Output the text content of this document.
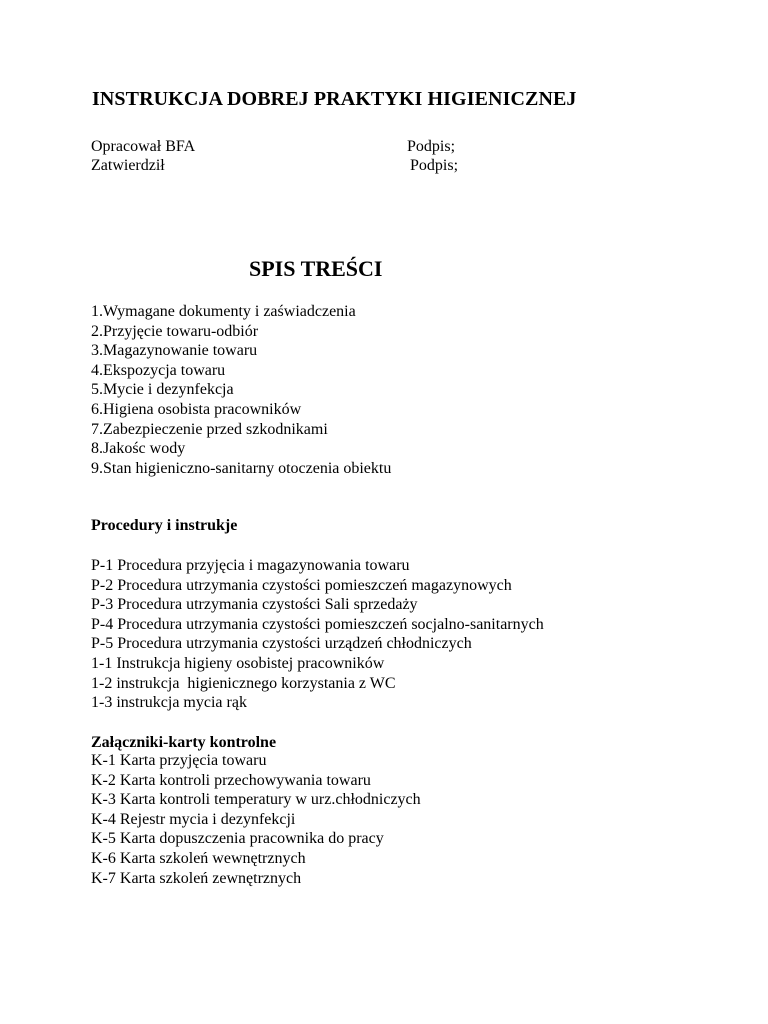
INSTRUKCJA DOBREJ PRAKTYKI HIGIENICZNEJ
Opracował BFA	Podpis;
Zatwierdził	Podpis;
SPIS TREŚCI
1.Wymagane dokumenty i zaświadczenia
2.Przyjęcie towaru-odbiór
3.Magazynowanie towaru
4.Ekspozycja towaru
5.Mycie i dezynfekcja
6.Higiena osobista pracowników
7.Zabezpieczenie przed szkodnikami
8.Jakośc wody
9.Stan higieniczno-sanitarny otoczenia obiektu
Procedury i instrukje
P-1 Procedura przyjęcia i magazynowania towaru
P-2 Procedura utrzymania czystości pomieszczeń magazynowych
P-3 Procedura utrzymania czystości Sali sprzedaży
P-4 Procedura utrzymania czystości pomieszczeń socjalno-sanitarnych
P-5 Procedura utrzymania czystości urządzeń chłodniczych
1-1 Instrukcja higieny osobistej pracowników
1-2 instrukcja  higienicznego korzystania z WC
1-3 instrukcja mycia rąk
Załączniki-karty kontrolne
K-1 Karta przyjęcia towaru
K-2 Karta kontroli przechowywania towaru
K-3 Karta kontroli temperatury w urz.chłodniczych
K-4 Rejestr mycia i dezynfekcji
K-5 Karta dopuszczenia pracownika do pracy
K-6 Karta szkoleń wewnętrznych
K-7 Karta szkoleń zewnętrznych
